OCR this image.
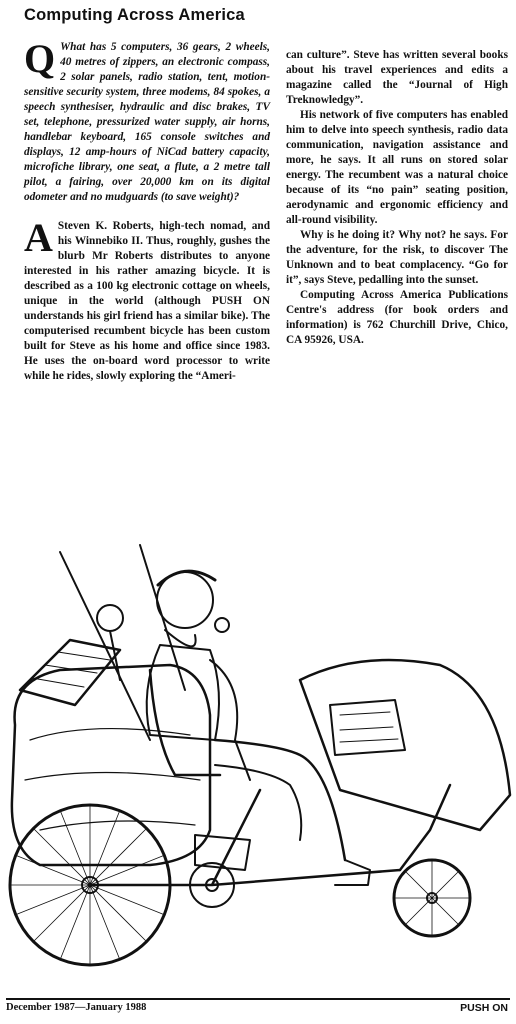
Computing Across America

Q What has 5 computers, 36 gears, 2 wheels, 40 metres of zippers, an electronic compass, 2 solar panels, radio station, tent, motion-sensitive security system, three modems, 84 spokes, a speech synthesiser, hydraulic and disc brakes, TV set, telephone, pressurized water supply, air horns, handlebar keyboard, 165 console switches and displays, 12 amp-hours of NiCad battery capacity, microfiche library, one seat, a flute, a 2 metre tall pilot, a fairing, over 20,000 km on its digital odometer and no mudguards (to save weight)?

A Steven K. Roberts, high-tech nomad, and his Winnebiko II. Thus, roughly, gushes the blurb Mr Roberts distributes to anyone interested in his rather amazing bicycle. It is described as a 100 kg electronic cottage on wheels, unique in the world (although PUSH ON understands his girl friend has a similar bike). The computerised recumbent bicycle has been custom built for Steve as his home and office since 1983. He uses the on-board word processor to write while he rides, slowly exploring the “Ameri-

can culture”. Steve has written several books about his travel experiences and edits a magazine called the “Journal of High Treknowledgy”.

His network of five computers has enabled him to delve into speech synthesis, radio data communication, navigation assistance and more, he says. It all runs on stored solar energy. The recumbent was a natural choice because of its “no pain” seating position, aerodynamic and ergonomic efficiency and all-round visibility.

Why is he doing it? Why not? he says. For the adventure, for the risk, to discover The Unknown and to beat complacency. “Go for it”, says Steve, pedalling into the sunset.

Computing Across America Publications Centre's address (for book orders and information) is 762 Churchill Drive, Chico, CA 95926, USA.

December 1987—January 1988	PUSH ON
